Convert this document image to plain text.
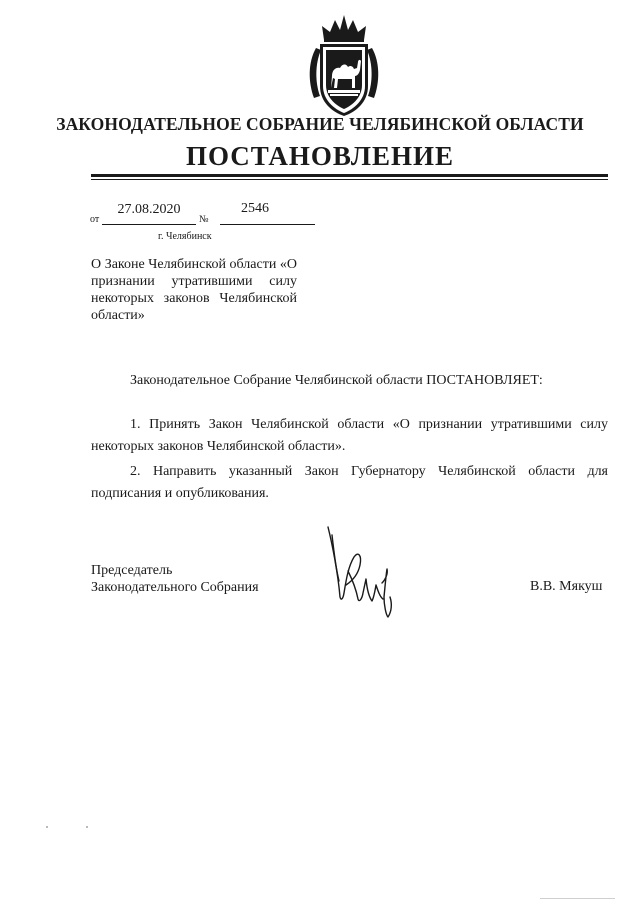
ЗАКОНОДАТЕЛЬНОЕ СОБРАНИЕ ЧЕЛЯБИНСКОЙ ОБЛАСТИ
ПОСТАНОВЛЕНИЕ
от
27.08.2020
№
2546
г. Челябинск
О Законе Челябинской области «О признании утратившими силу некоторых законов Челябинской области»
Законодательное Собрание Челябинской области ПОСТАНОВЛЯЕТ:
1. Принять Закон Челябинской области «О признании утратившими силу некоторых законов Челябинской области».
2. Направить указанный Закон Губернатору Челябинской области для подписания и опубликования.
Председатель
Законодательного Собрания	В.В. Мякуш
